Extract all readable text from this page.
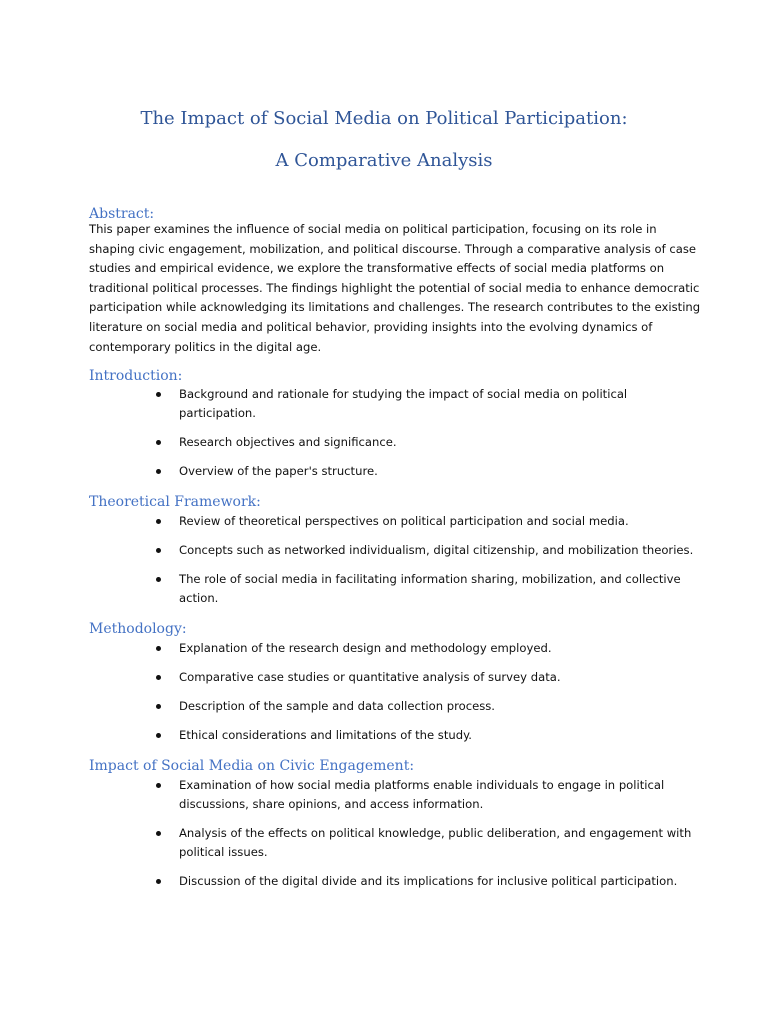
The Impact of Social Media on Political Participation:
A Comparative Analysis
Abstract:
This paper examines the influence of social media on political participation, focusing on its role in
shaping civic engagement, mobilization, and political discourse. Through a comparative analysis of case
studies and empirical evidence, we explore the transformative effects of social media platforms on
traditional political processes. The findings highlight the potential of social media to enhance democratic
participation while acknowledging its limitations and challenges. The research contributes to the existing
literature on social media and political behavior, providing insights into the evolving dynamics of
contemporary politics in the digital age.
Introduction:
Background and rationale for studying the impact of social media on political
participation.
Research objectives and significance.
Overview of the paper's structure.
Theoretical Framework:
Review of theoretical perspectives on political participation and social media.
Concepts such as networked individualism, digital citizenship, and mobilization theories.
The role of social media in facilitating information sharing, mobilization, and collective
action.
Methodology:
Explanation of the research design and methodology employed.
Comparative case studies or quantitative analysis of survey data.
Description of the sample and data collection process.
Ethical considerations and limitations of the study.
Impact of Social Media on Civic Engagement:
Examination of how social media platforms enable individuals to engage in political
discussions, share opinions, and access information.
Analysis of the effects on political knowledge, public deliberation, and engagement with
political issues.
Discussion of the digital divide and its implications for inclusive political participation.
